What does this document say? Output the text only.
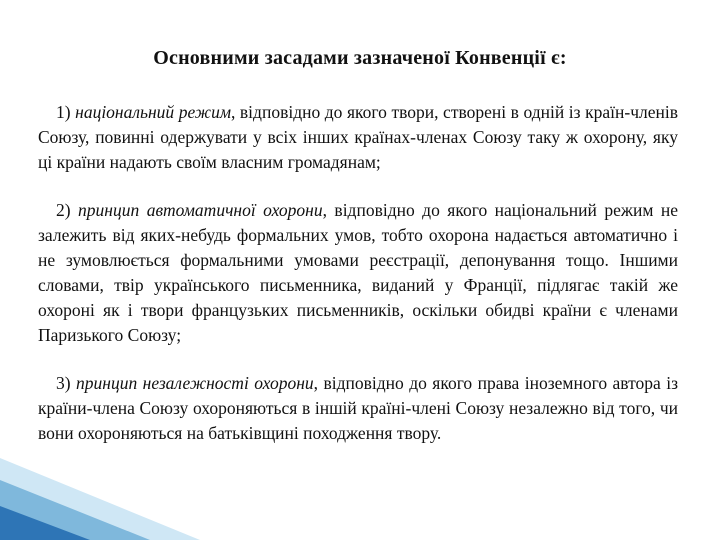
Основними засадами зазначеної Конвенції є:

1) національний режим, відповідно до якого твори, створені в одній із країн-членів Союзу, повинні одержувати у всіх інших країнах-членах Союзу таку ж охорону, яку ці країни надають своїм власним громадянам;

2) принцип автоматичної охорони, відповідно до якого національний режим не залежить від яких-небудь формальних умов, тобто охорона надається автоматично і не зумовлюється формальними умовами реєстрації, депонування тощо. Іншими словами, твір українського письменника, виданий у Франції, підлягає такій же охороні як і твори французьких письменників, оскільки обидві країни є членами Паризького Союзу;

3) принцип незалежності охорони, відповідно до якого права іноземного автора із країни-члена Союзу охороняються в іншій країні-члені Союзу незалежно від того, чи вони охороняються на батьківщині походження твору.
